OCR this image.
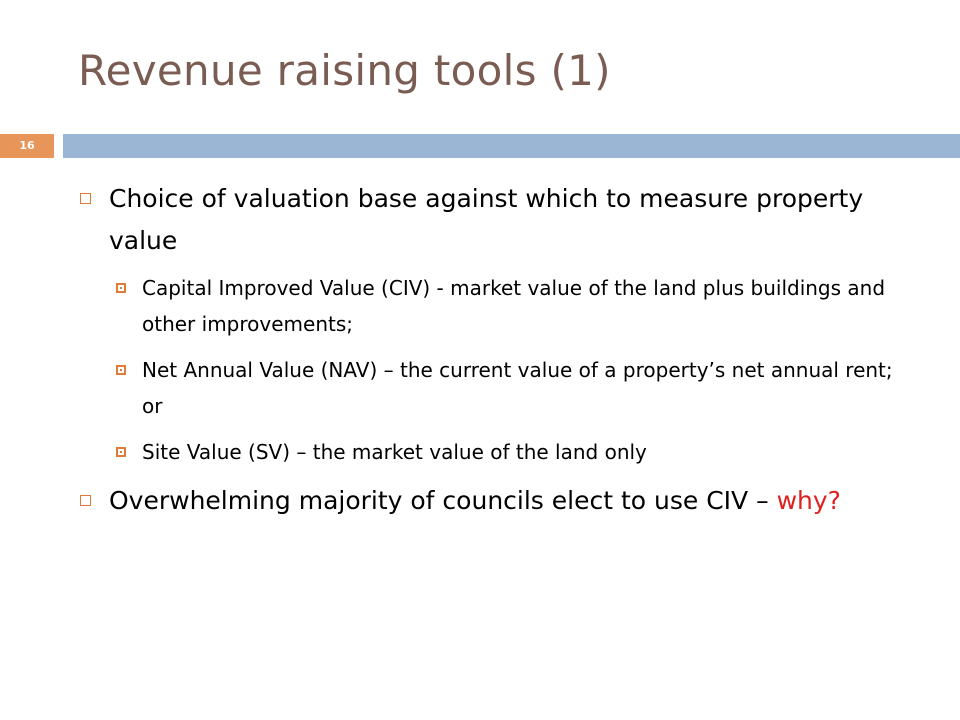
Revenue raising tools (1)
16
Choice of valuation base against which to measure property value
Capital Improved Value (CIV) - market value of the land plus buildings and other improvements;
Net Annual Value (NAV) – the current value of a property’s net annual rent; or
Site Value (SV) – the market value of the land only
Overwhelming majority of councils elect to use CIV – why?
